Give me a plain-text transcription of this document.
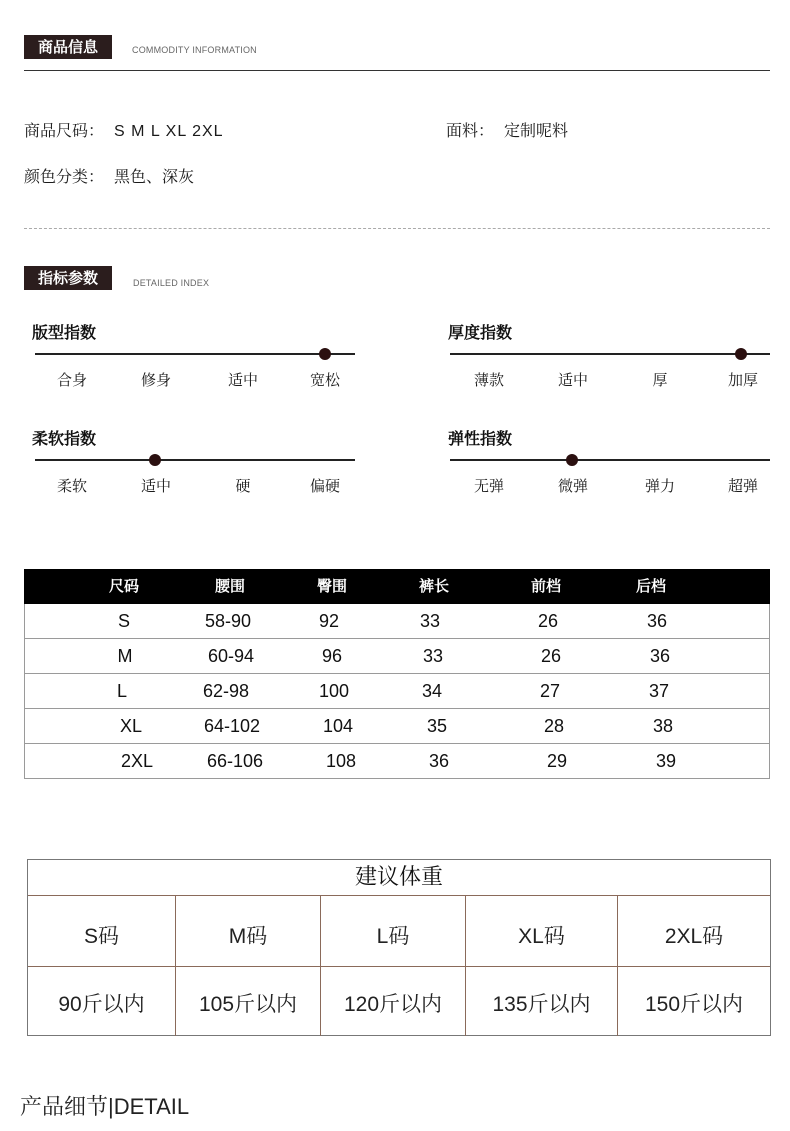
商品信息	COMMODITY INFORMATION
商品尺码： S M L XL 2XL	面料： 定制呢料
颜色分类： 黑色、深灰
指标参数	DETAILED INDEX
版型指数
合身	修身	适中	宽松
厚度指数
薄款	适中	厚	加厚
柔软指数
柔软	适中	硬	偏硬
弹性指数
无弹	微弹	弹力	超弹
尺码	腰围	臀围	裤长	前档	后档
S	58-90	92	33	26	36
M	60-94	96	33	26	36
L	62-98	100	34	27	37
XL	64-102	104	35	28	38
2XL	66-106	108	36	29	39
建议体重
S码	M码	L码	XL码	2XL码
90斤以内	105斤以内	120斤以内	135斤以内	150斤以内
产品细节|DETAIL
